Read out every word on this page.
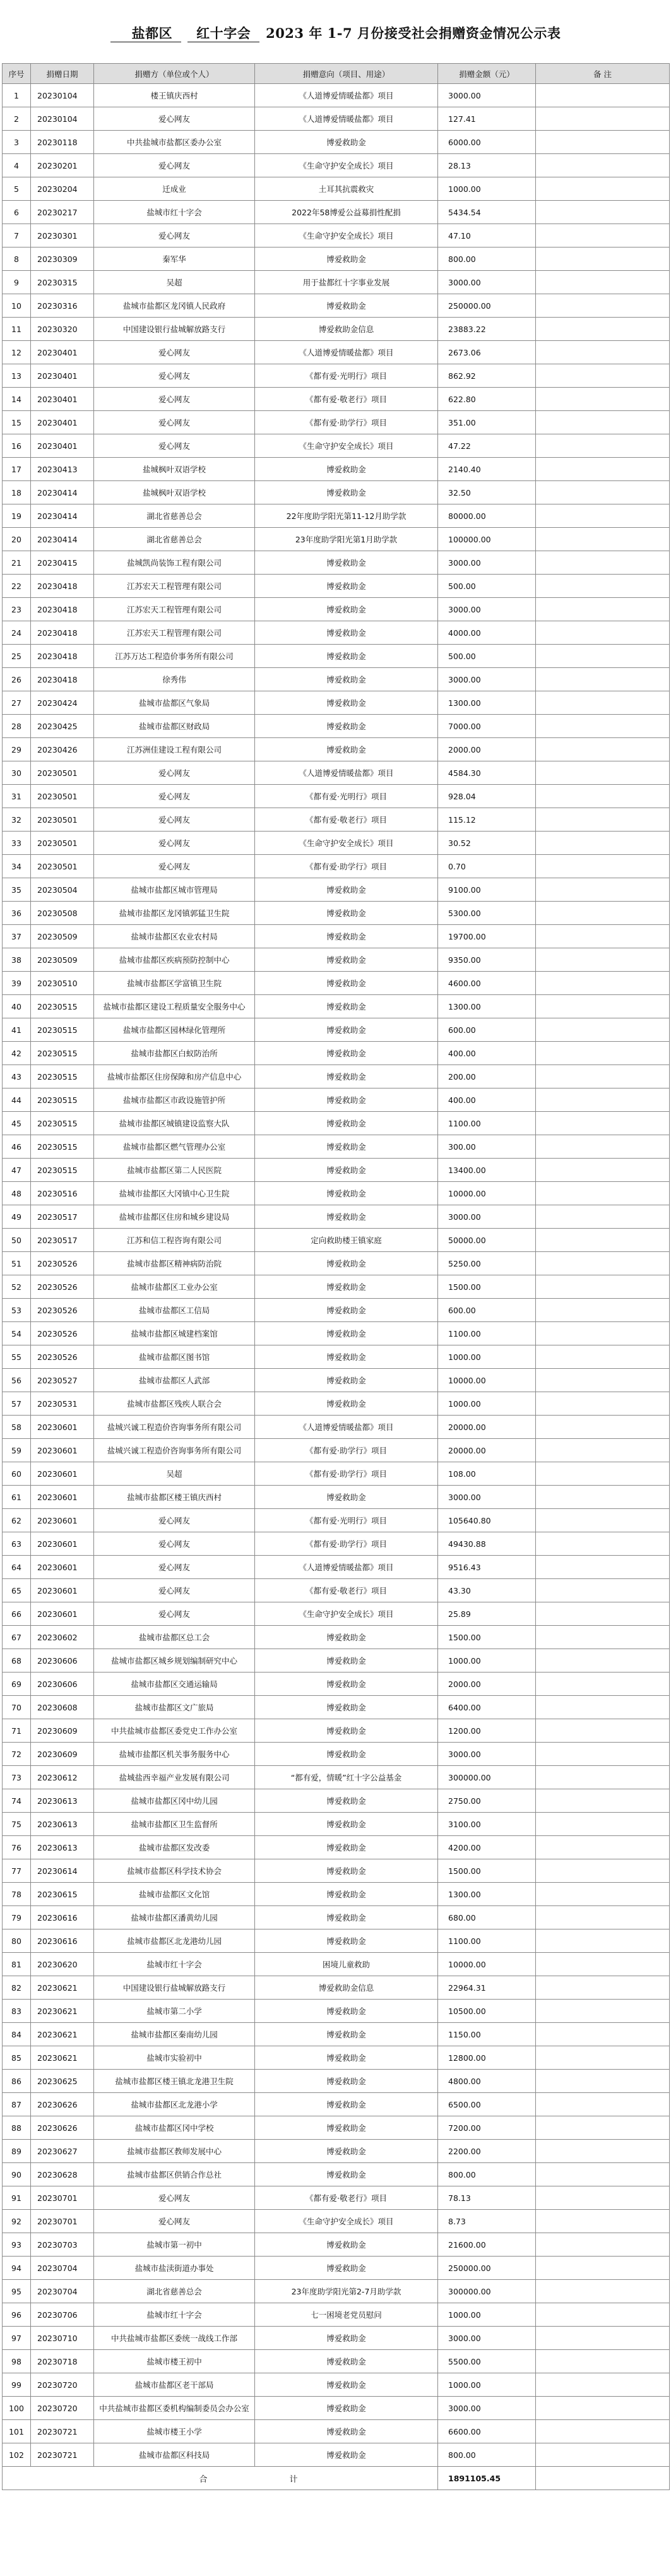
盐都区 红十字会 2023 年 1-7 月份接受社会捐赠资金情况公示表
序号	捐赠日期	捐赠方（单位或个人）	捐赠意向（项目、用途）	捐赠金额（元）	备 注
1	20230104	楼王镇庆西村	《人道博爱情暖盐都》项目	3000.00	
2	20230104	爱心网友	《人道博爱情暖盐都》项目	127.41	
3	20230118	中共盐城市盐都区委办公室	博爱救助金	6000.00	
4	20230201	爱心网友	《生命守护安全成长》项目	28.13	
5	20230204	迁成业	土耳其抗震救灾	1000.00	
6	20230217	盐城市红十字会	2022年58博爱公益募捐性配捐	5434.54	
7	20230301	爱心网友	《生命守护安全成长》项目	47.10	
8	20230309	秦军华	博爱救助金	800.00	
9	20230315	吴超	用于盐都红十字事业发展	3000.00	
10	20230316	盐城市盐都区龙冈镇人民政府	博爱救助金	250000.00	
11	20230320	中国建设银行盐城解放路支行	博爱救助金信息	23883.22	
12	20230401	爱心网友	《人道博爱情暖盐都》项目	2673.06	
13	20230401	爱心网友	《都有爱·光明行》项目	862.92	
14	20230401	爱心网友	《都有爱·敬老行》项目	622.80	
15	20230401	爱心网友	《都有爱·助学行》项目	351.00	
16	20230401	爱心网友	《生命守护安全成长》项目	47.22	
17	20230413	盐城枫叶双语学校	博爱救助金	2140.40	
18	20230414	盐城枫叶双语学校	博爱救助金	32.50	
19	20230414	湖北省慈善总会	22年度助学阳光第11-12月助学款	80000.00	
20	20230414	湖北省慈善总会	23年度助学阳光第1月助学款	100000.00	
21	20230415	盐城凯尚装饰工程有限公司	博爱救助金	3000.00	
22	20230418	江苏宏天工程管理有限公司	博爱救助金	500.00	
23	20230418	江苏宏天工程管理有限公司	博爱救助金	3000.00	
24	20230418	江苏宏天工程管理有限公司	博爱救助金	4000.00	
25	20230418	江苏万达工程造价事务所有限公司	博爱救助金	500.00	
26	20230418	徐秀伟	博爱救助金	3000.00	
27	20230424	盐城市盐都区气象局	博爱救助金	1300.00	
28	20230425	盐城市盐都区财政局	博爱救助金	7000.00	
29	20230426	江苏洲佳建设工程有限公司	博爱救助金	2000.00	
30	20230501	爱心网友	《人道博爱情暖盐都》项目	4584.30	
31	20230501	爱心网友	《都有爱·光明行》项目	928.04	
32	20230501	爱心网友	《都有爱·敬老行》项目	115.12	
33	20230501	爱心网友	《生命守护安全成长》项目	30.52	
34	20230501	爱心网友	《都有爱·助学行》项目	0.70	
35	20230504	盐城市盐都区城市管理局	博爱救助金	9100.00	
36	20230508	盐城市盐都区龙冈镇郭猛卫生院	博爱救助金	5300.00	
37	20230509	盐城市盐都区农业农村局	博爱救助金	19700.00	
38	20230509	盐城市盐都区疾病预防控制中心	博爱救助金	9350.00	
39	20230510	盐城市盐都区学富镇卫生院	博爱救助金	4600.00	
40	20230515	盐城市盐都区建设工程质量安全服务中心	博爱救助金	1300.00	
41	20230515	盐城市盐都区园林绿化管理所	博爱救助金	600.00	
42	20230515	盐城市盐都区白蚁防治所	博爱救助金	400.00	
43	20230515	盐城市盐都区住房保障和房产信息中心	博爱救助金	200.00	
44	20230515	盐城市盐都区市政设施管护所	博爱救助金	400.00	
45	20230515	盐城市盐都区城镇建设监察大队	博爱救助金	1100.00	
46	20230515	盐城市盐都区燃气管理办公室	博爱救助金	300.00	
47	20230515	盐城市盐都区第二人民医院	博爱救助金	13400.00	
48	20230516	盐城市盐都区大冈镇中心卫生院	博爱救助金	10000.00	
49	20230517	盐城市盐都区住房和城乡建设局	博爱救助金	3000.00	
50	20230517	江苏和信工程咨询有限公司	定向救助楼王镇家庭	50000.00	
51	20230526	盐城市盐都区精神病防治院	博爱救助金	5250.00	
52	20230526	盐城市盐都区工业办公室	博爱救助金	1500.00	
53	20230526	盐城市盐都区工信局	博爱救助金	600.00	
54	20230526	盐城市盐都区城建档案馆	博爱救助金	1100.00	
55	20230526	盐城市盐都区图书馆	博爱救助金	1000.00	
56	20230527	盐城市盐都区人武部	博爱救助金	10000.00	
57	20230531	盐城市盐都区残疾人联合会	博爱救助金	1000.00	
58	20230601	盐城兴诚工程造价咨询事务所有限公司	《人道博爱情暖盐都》项目	20000.00	
59	20230601	盐城兴诚工程造价咨询事务所有限公司	《都有爱·助学行》项目	20000.00	
60	20230601	吴超	《都有爱·助学行》项目	108.00	
61	20230601	盐城市盐都区楼王镇庆西村	博爱救助金	3000.00	
62	20230601	爱心网友	《都有爱·光明行》项目	105640.80	
63	20230601	爱心网友	《都有爱·助学行》项目	49430.88	
64	20230601	爱心网友	《人道博爱情暖盐都》项目	9516.43	
65	20230601	爱心网友	《都有爱·敬老行》项目	43.30	
66	20230601	爱心网友	《生命守护安全成长》项目	25.89	
67	20230602	盐城市盐都区总工会	博爱救助金	1500.00	
68	20230606	盐城市盐都区城乡规划编制研究中心	博爱救助金	1000.00	
69	20230606	盐城市盐都区交通运输局	博爱救助金	2000.00	
70	20230608	盐城市盐都区文广旅局	博爱救助金	6400.00	
71	20230609	中共盐城市盐都区委党史工作办公室	博爱救助金	1200.00	
72	20230609	盐城市盐都区机关事务服务中心	博爱救助金	3000.00	
73	20230612	盐城盐西幸福产业发展有限公司	“都有爱，情暖”红十字公益基金	300000.00	
74	20230613	盐城市盐都区冈中幼儿园	博爱救助金	2750.00	
75	20230613	盐城市盐都区卫生监督所	博爱救助金	3100.00	
76	20230613	盐城市盐都区发改委	博爱救助金	4200.00	
77	20230614	盐城市盐都区科学技术协会	博爱救助金	1500.00	
78	20230615	盐城市盐都区文化馆	博爱救助金	1300.00	
79	20230616	盐城市盐都区潘黄幼儿园	博爱救助金	680.00	
80	20230616	盐城市盐都区北龙港幼儿园	博爱救助金	1100.00	
81	20230620	盐城市红十字会	困境儿童救助	10000.00	
82	20230621	中国建设银行盐城解放路支行	博爱救助金信息	22964.31	
83	20230621	盐城市第二小学	博爱救助金	10500.00	
84	20230621	盐城市盐都区秦南幼儿园	博爱救助金	1150.00	
85	20230621	盐城市实验初中	博爱救助金	12800.00	
86	20230625	盐城市盐都区楼王镇北龙港卫生院	博爱救助金	4800.00	
87	20230626	盐城市盐都区北龙港小学	博爱救助金	6500.00	
88	20230626	盐城市盐都区冈中学校	博爱救助金	7200.00	
89	20230627	盐城市盐都区教师发展中心	博爱救助金	2200.00	
90	20230628	盐城市盐都区供销合作总社	博爱救助金	800.00	
91	20230701	爱心网友	《都有爱·敬老行》项目	78.13	
92	20230701	爱心网友	《生命守护安全成长》项目	8.73	
93	20230703	盐城市第一初中	博爱救助金	21600.00	
94	20230704	盐城市盐渎街道办事处	博爱救助金	250000.00	
95	20230704	湖北省慈善总会	23年度助学阳光第2-7月助学款	300000.00	
96	20230706	盐城市红十字会	七一困境老党员慰问	1000.00	
97	20230710	中共盐城市盐都区委统一战线工作部	博爱救助金	3000.00	
98	20230718	盐城市楼王初中	博爱救助金	5500.00	
99	20230720	盐城市盐都区老干部局	博爱救助金	1000.00	
100	20230720	中共盐城市盐都区委机构编制委员会办公室	博爱救助金	3000.00	
101	20230721	盐城市楼王小学	博爱救助金	6600.00	
102	20230721	盐城市盐都区科技局	博爱救助金	800.00	

合 计				1891105.45	
